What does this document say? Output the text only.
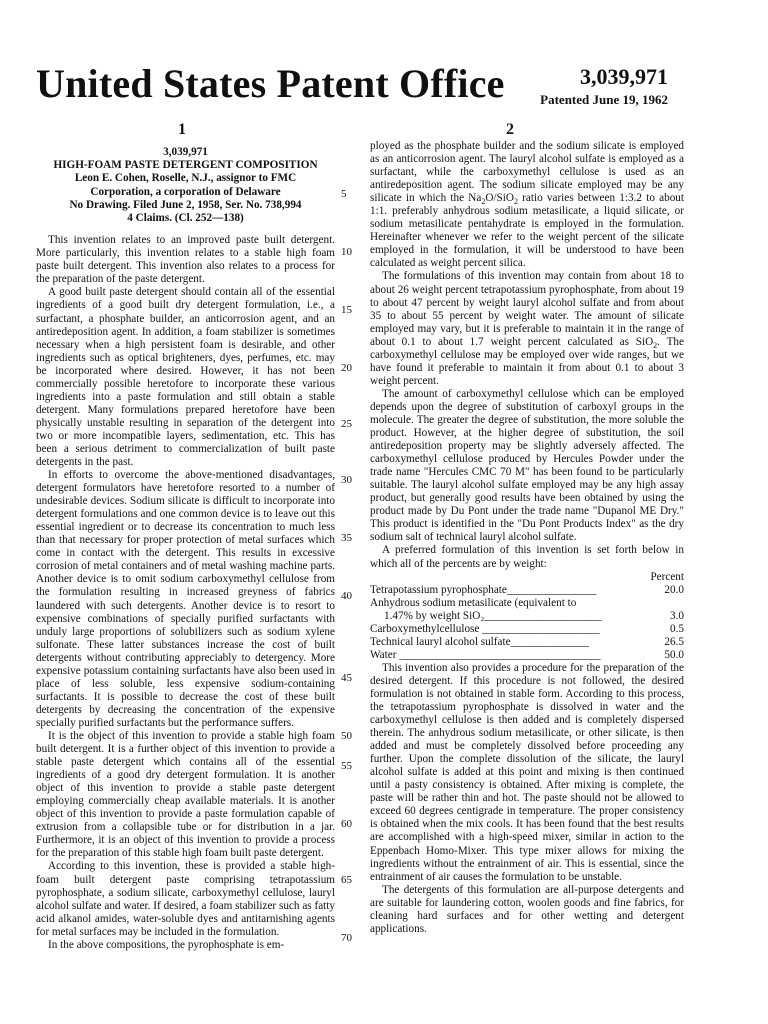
United States Patent Office	3,039,971
Patented June 19, 1962
1	2
3,039,971
HIGH-FOAM PASTE DETERGENT COMPOSITION
Leon E. Cohen, Roselle, N.J., assignor to FMC
Corporation, a corporation of Delaware
No Drawing. Filed June 2, 1958, Ser. No. 738,994
4 Claims. (Cl. 252—138)

This invention relates to an improved paste built detergent. More particularly, this invention relates to a stable high foam paste built detergent. This invention also relates to a process for the preparation of the paste detergent.

A good built paste detergent should contain all of the essential ingredients of a good built dry detergent formulation, i.e., a surfactant, a phosphate builder, an anticorrosion agent, and an antiredeposition agent. In addition, a foam stabilizer is sometimes necessary when a high persistent foam is desirable, and other ingredients such as optical brighteners, dyes, perfumes, etc. may be incorporated where desired. However, it has not been commercially possible heretofore to incorporate these various ingredients into a paste formulation and still obtain a stable detergent. Many formulations prepared heretofore have been physically unstable resulting in separation of the detergent into two or more incompatible layers, sedimentation, etc. This has been a serious detriment to commercialization of built paste detergents in the past.

In efforts to overcome the above-mentioned disadvantages, detergent formulators have heretofore resorted to a number of undesirable devices. Sodium silicate is difficult to incorporate into detergent formulations and one common device is to leave out this essential ingredient or to decrease its concentration to much less than that necessary for proper protection of metal surfaces which come in contact with the detergent. This results in excessive corrosion of metal containers and of metal washing machine parts. Another device is to omit sodium carboxymethyl cellulose from the formulation resulting in increased greyness of fabrics laundered with such detergents. Another device is to resort to expensive combinations of specially purified surfactants with unduly large proportions of solubilizers such as sodium xylene sulfonate. These latter substances increase the cost of built detergents without contributing appreciably to detergency. More expensive potassium containing surfactants have also been used in place of less soluble, less expensive sodium-containing surfactants. It is possible to decrease the cost of these built detergents by decreasing the concentration of the expensive specially purified surfactants but the performance suffers.

It is the object of this invention to provide a stable high foam built detergent. It is a further object of this invention to provide a stable paste detergent which contains all of the essential ingredients of a good dry detergent formulation. It is another object of this invention to provide a stable paste detergent employing commercially cheap available materials. It is another object of this invention to provide a paste formulation capable of extrusion from a collapsible tube or for distribution in a jar. Furthermore, it is an object of this invention to provide a process for the preparation of this stable high foam built paste detergent.

According to this invention, these is provided a stable high-foam built detergent paste comprising tetrapotassium pyrophosphate, a sodium silicate, carboxymethyl cellulose, lauryl alcohol sulfate and water. If desired, a foam stabilizer such as fatty acid alkanol amides, water-soluble dyes and antitarnishing agents for metal surfaces may be included in the formulation.

In the above compositions, the pyrophosphate is em-

5
10
15
20
25
30
35
40
45
50
55
60
65
70

ployed as the phosphate builder and the sodium silicate is employed as an anticorrosion agent. The lauryl alcohol sulfate is employed as a surfactant, while the carboxymethyl cellulose is used as an antiredeposition agent. The sodium silicate employed may be any silicate in which the $Na_2O/SiO_2$ ratio varies between 1:3.2 to about 1:1. preferably anhydrous sodium metasilicate, a liquid silicate, or sodium metasilicate pentahydrate is employed in the formulation. Hereinafter whenever we refer to the weight percent of the silicate employed in the formulation, it will be understood to have been calculated as weight percent silica.

The formulations of this invention may contain from about 18 to about 26 weight percent tetrapotassium pyrophosphate, from about 19 to about 47 percent by weight lauryl alcohol sulfate and from about 35 to about 55 percent by weight water. The amount of silicate employed may vary, but it is preferable to maintain it in the range of about 0.1 to about 1.7 weight percent calculated as SiO$_2$. The carboxymethyl cellulose may be employed over wide ranges, but we have found it preferable to maintain it from about 0.1 to about 3 weight percent.

The amount of carboxymethyl cellulose which can be employed depends upon the degree of substitution of carboxyl groups in the molecule. The greater the degree of substitution, the more soluble the product. However, at the higher degree of substitution, the soil antiredeposition property may be slightly adversely affected. The carboxymethyl cellulose produced by Hercules Powder under the trade name "Hercules CMC 70 M" has been found to be particularly suitable. The lauryl alcohol sulfate employed may be any high assay product, but generally good results have been obtained by using the product made by Du Pont under the trade name "Dupanol ME Dry." This product is identified in the "Du Pont Products Index" as the dry sodium salt of technical lauryl alcohol sulfate.

A preferred formulation of this invention is set forth below in which all of the percents are by weight:

Percent
Tetrapotassium pyrophosphate________________	20.0
Anhydrous sodium metasilicate (equivalent to
1.47% by weight SiO₂_____________________	3.0
Carboxymethylcellulose _____________________	0.5
Technical lauryl alcohol sulfate______________	26.5
Water ____________________________________	50.0

This invention also provides a procedure for the preparation of the desired detergent. If this procedure is not followed, the desired formulation is not obtained in stable form. According to this process, the tetrapotassium pyrophosphate is dissolved in water and the carboxymethyl cellulose is then added and is completely dispersed therein. The anhydrous sodium metasilicate, or other silicate, is then added and must be completely dissolved before proceeding any further. Upon the complete dissolution of the silicate, the lauryl alcohol sulfate is added at this point and mixing is then continued until a pasty consistency is obtained. After mixing is complete, the paste will be rather thin and hot. The paste should not be allowed to exceed 60 degrees centigrade in temperature. The proper consistency is obtained when the mix cools. It has been found that the best results are accomplished with a high-speed mixer, similar in action to the Eppenbach Homo-Mixer. This type mixer allows for mixing the ingredients without the entrainment of air. This is essential, since the entrainment of air causes the formulation to be unstable.

The detergents of this formulation are all-purpose detergents and are suitable for laundering cotton, woolen goods and fine fabrics, for cleaning hard surfaces and for other wetting and detergent applications.
